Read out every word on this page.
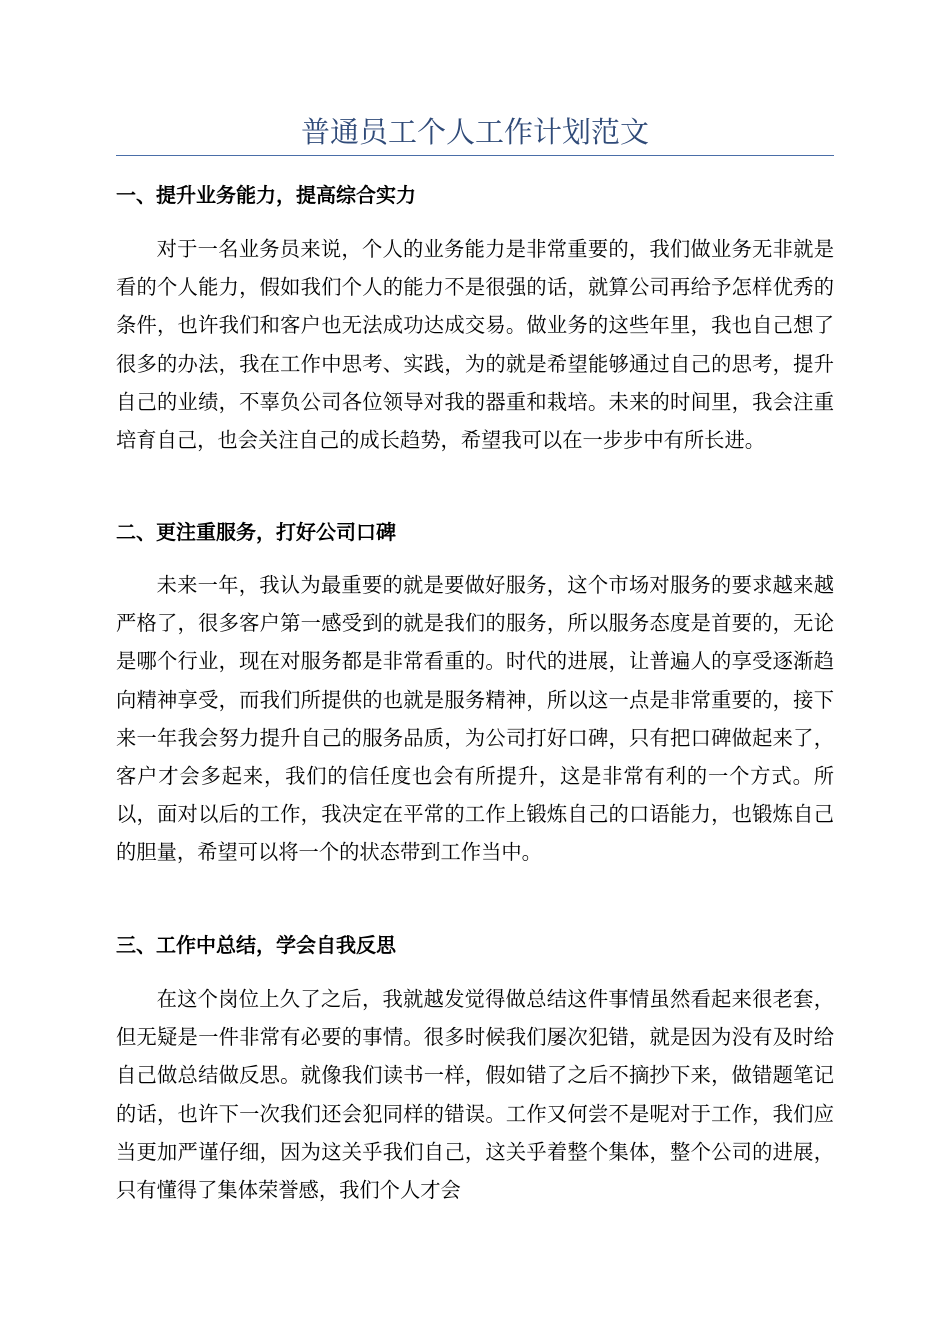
普通员工个人工作计划范文
一、提升业务能力，提高综合实力

对于一名业务员来说，个人的业务能力是非常重要的，我们做业务无非就是看的个人能力，假如我们个人的能力不是很强的话，就算公司再给予怎样优秀的条件，也许我们和客户也无法成功达成交易。做业务的这些年里，我也自己想了很多的办法，我在工作中思考、实践，为的就是希望能够通过自己的思考，提升自己的业绩，不辜负公司各位领导对我的器重和栽培。未来的时间里，我会注重培育自己，也会关注自己的成长趋势，希望我可以在一步步中有所长进。

二、更注重服务，打好公司口碑

未来一年，我认为最重要的就是要做好服务，这个市场对服务的要求越来越严格了，很多客户第一感受到的就是我们的服务，所以服务态度是首要的，无论是哪个行业，现在对服务都是非常看重的。时代的进展，让普遍人的享受逐渐趋向精神享受，而我们所提供的也就是服务精神，所以这一点是非常重要的，接下来一年我会努力提升自己的服务品质，为公司打好口碑，只有把口碑做起来了，客户才会多起来，我们的信任度也会有所提升，这是非常有利的一个方式。所以，面对以后的工作，我决定在平常的工作上锻炼自己的口语能力，也锻炼自己的胆量，希望可以将一个的状态带到工作当中。

三、工作中总结，学会自我反思

在这个岗位上久了之后，我就越发觉得做总结这件事情虽然看起来很老套，但无疑是一件非常有必要的事情。很多时候我们屡次犯错，就是因为没有及时给自己做总结做反思。就像我们读书一样，假如错了之后不摘抄下来，做错题笔记的话，也许下一次我们还会犯同样的错误。工作又何尝不是呢对于工作，我们应当更加严谨仔细，因为这关乎我们自己，这关乎着整个集体，整个公司的进展，只有懂得了集体荣誉感，我们个人才会
